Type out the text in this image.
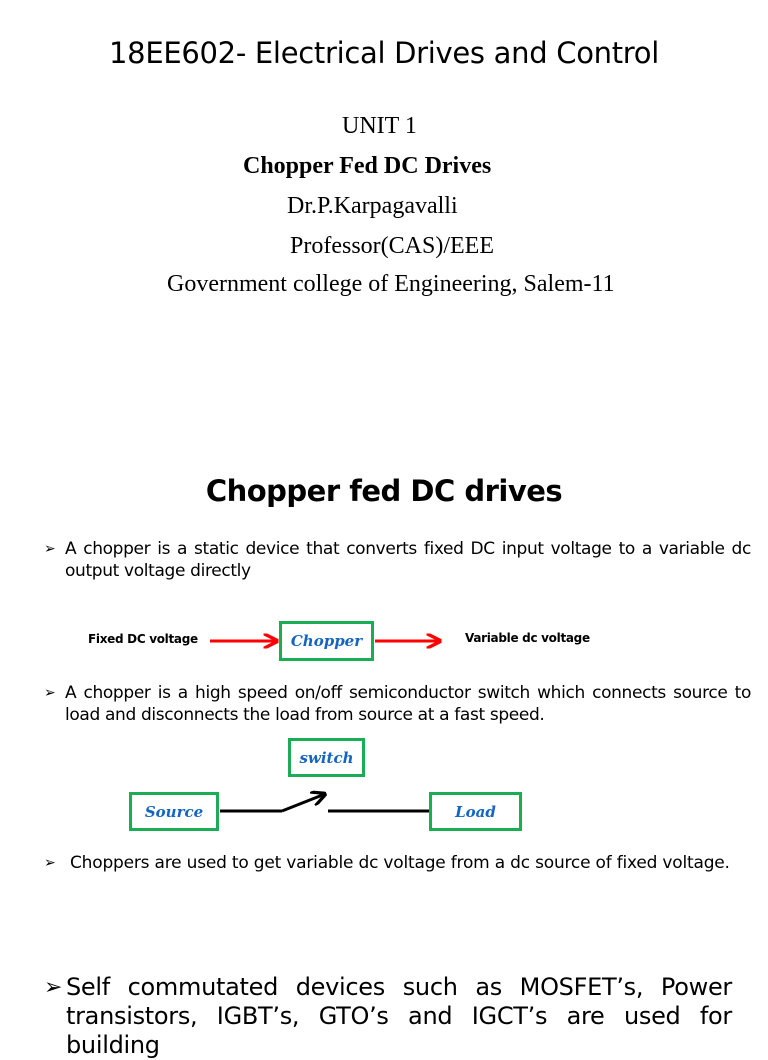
18EE602- Electrical Drives and Control
UNIT 1
Chopper Fed DC Drives
Dr.P.Karpagavalli
Professor(CAS)/EEE
Government college of Engineering, Salem-11
Chopper fed DC drives
➢ A chopper is a static device that converts fixed DC input voltage to a variable dc output voltage directly
Fixed DC voltage	Chopper	Variable dc voltage
➢ A chopper is a high speed on/off semiconductor switch which connects source to load and disconnects the load from source at a fast speed.
switch
Source	Load
➢ Choppers are used to get variable dc voltage from a dc source of fixed voltage.
➢ Self commutated devices such as MOSFET’s, Power transistors, IGBT’s, GTO’s and IGCT’s are used for building
